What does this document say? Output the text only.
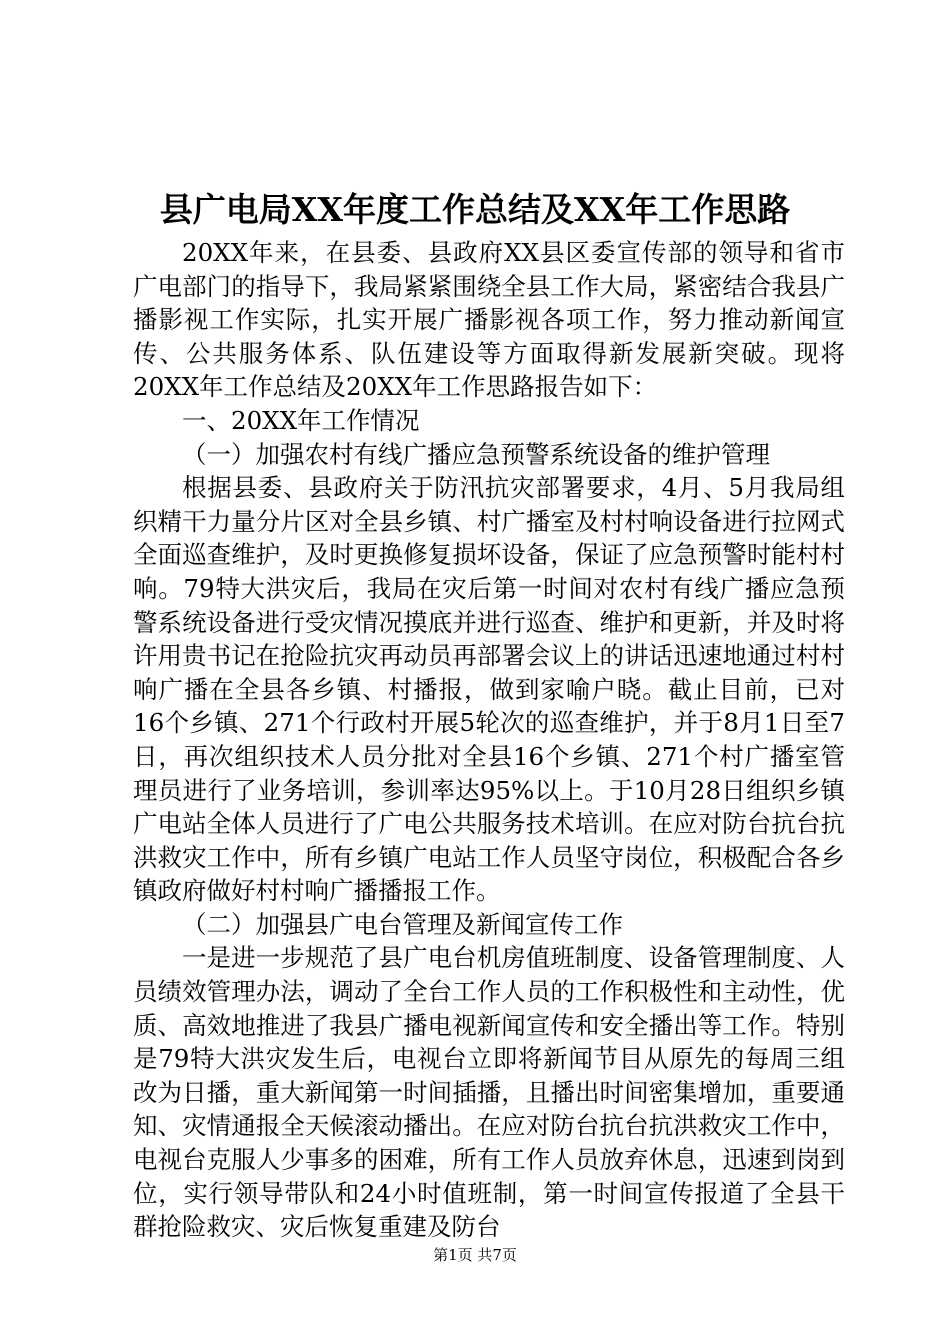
县广电局XX年度工作总结及XX年工作思路

20XX年来，在县委、县政府XX县区委宣传部的领导和省市广电部门的指导下，我局紧紧围绕全县工作大局，紧密结合我县广播影视工作实际，扎实开展广播影视各项工作，努力推动新闻宣传、公共服务体系、队伍建设等方面取得新发展新突破。现将20XX年工作总结及20XX年工作思路报告如下：

一、20XX年工作情况

（一）加强农村有线广播应急预警系统设备的维护管理

根据县委、县政府关于防汛抗灾部署要求，4月、5月我局组织精干力量分片区对全县乡镇、村广播室及村村响设备进行拉网式全面巡查维护，及时更换修复损坏设备，保证了应急预警时能村村响。79特大洪灾后，我局在灾后第一时间对农村有线广播应急预警系统设备进行受灾情况摸底并进行巡查、维护和更新，并及时将许用贵书记在抢险抗灾再动员再部署会议上的讲话迅速地通过村村响广播在全县各乡镇、村播报，做到家喻户晓。截止目前，已对16个乡镇、271个行政村开展5轮次的巡查维护，并于8月1日至7日，再次组织技术人员分批对全县16个乡镇、271个村广播室管理员进行了业务培训，参训率达95%以上。于10月28日组织乡镇广电站全体人员进行了广电公共服务技术培训。在应对防台抗台抗洪救灾工作中，所有乡镇广电站工作人员坚守岗位，积极配合各乡镇政府做好村村响广播播报工作。

（二）加强县广电台管理及新闻宣传工作

一是进一步规范了县广电台机房值班制度、设备管理制度、人员绩效管理办法，调动了全台工作人员的工作积极性和主动性，优质、高效地推进了我县广播电视新闻宣传和安全播出等工作。特别是79特大洪灾发生后，电视台立即将新闻节目从原先的每周三组改为日播，重大新闻第一时间插播，且播出时间密集增加，重要通知、灾情通报全天候滚动播出。在应对防台抗台抗洪救灾工作中，电视台克服人少事多的困难，所有工作人员放弃休息，迅速到岗到位，实行领导带队和24小时值班制，第一时间宣传报道了全县干群抢险救灾、灾后恢复重建及防台

第1页 共7页
